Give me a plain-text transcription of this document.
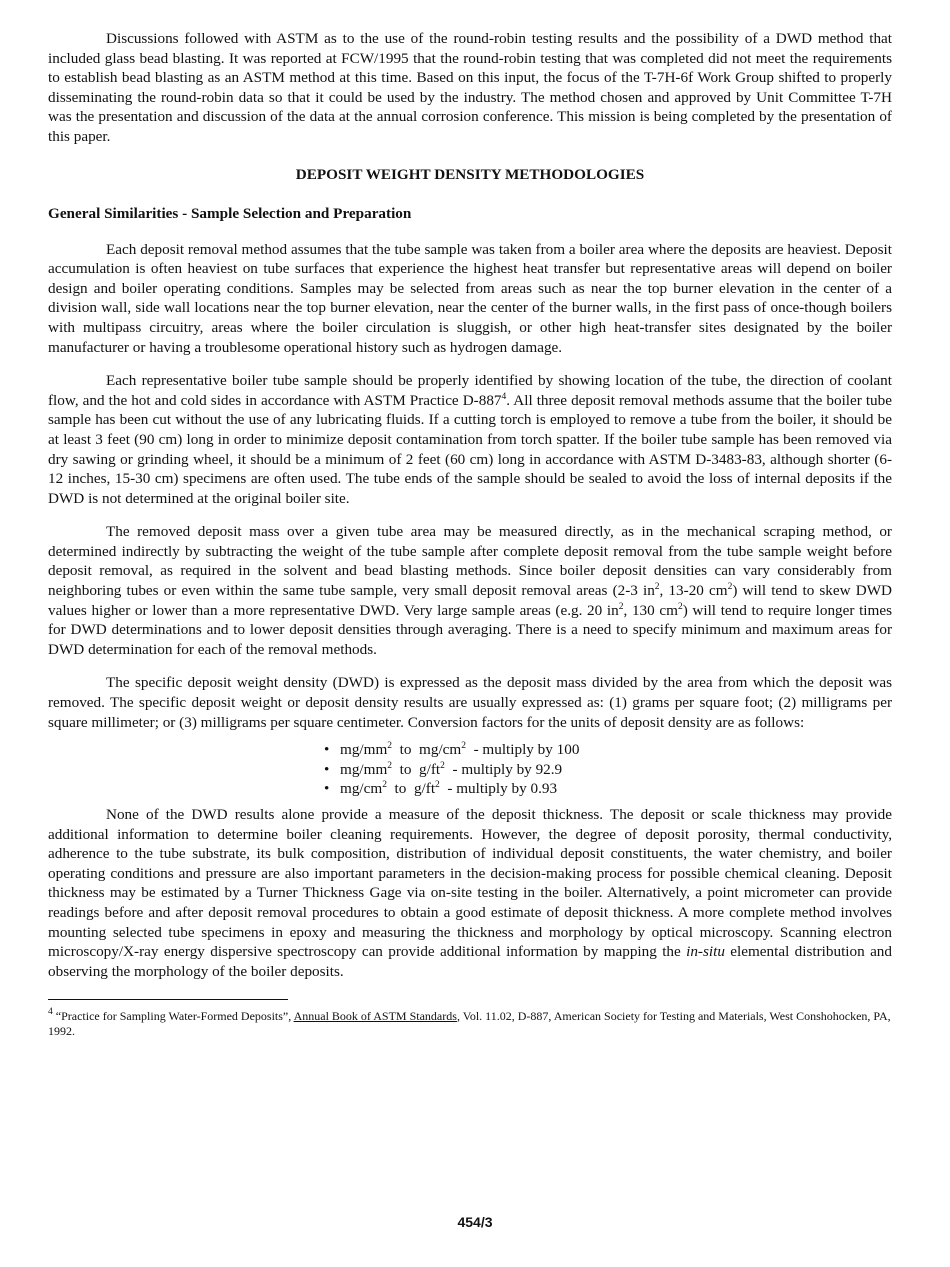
Discussions followed with ASTM as to the use of the round-robin testing results and the possibility of a DWD method that included glass bead blasting. It was reported at FCW/1995 that the round-robin testing that was completed did not meet the requirements to establish bead blasting as an ASTM method at this time. Based on this input, the focus of the T-7H-6f Work Group shifted to properly disseminating the round-robin data so that it could be used by the industry. The method chosen and approved by Unit Committee T-7H was the presentation and discussion of the data at the annual corrosion conference. This mission is being completed by the presentation of this paper.

DEPOSIT WEIGHT DENSITY METHODOLOGIES
General Similarities - Sample Selection and Preparation

Each deposit removal method assumes that the tube sample was taken from a boiler area where the deposits are heaviest. Deposit accumulation is often heaviest on tube surfaces that experience the highest heat transfer but representative areas will depend on boiler design and boiler operating conditions. Samples may be selected from areas such as near the top burner elevation in the center of a division wall, side wall locations near the top burner elevation, near the center of the burner walls, in the first pass of once-though boilers with multipass circuitry, areas where the boiler circulation is sluggish, or other high heat-transfer sites designated by the boiler manufacturer or having a troublesome operational history such as hydrogen damage.

Each representative boiler tube sample should be properly identified by showing location of the tube, the direction of coolant flow, and the hot and cold sides in accordance with ASTM Practice $D-887^4$. All three deposit removal methods assume that the boiler tube sample has been cut without the use of any lubricating fluids. If a cutting torch is employed to remove a tube from the boiler, it should be at least 3 feet (90 cm) long in order to minimize deposit contamination from torch spatter. If the boiler tube sample has been removed via dry sawing or grinding wheel, it should be a minimum of 2 feet (60 cm) long in accordance with ASTM D-3483-83, although shorter (6-12 inches, 15-30 cm) specimens are often used. The tube ends of the sample should be sealed to avoid the loss of internal deposits if the DWD is not determined at the original boiler site.

The removed deposit mass over a given tube area may be measured directly, as in the mechanical scraping method, or determined indirectly by subtracting the weight of the tube sample after complete deposit removal from the tube sample weight before deposit removal, as required in the solvent and bead blasting methods. Since boiler deposit densities can vary considerably from neighboring tubes or even within the same tube sample, very small deposit removal areas (2-3 $in^2$, 13-20 $cm^2$) will tend to skew DWD values higher or lower than a more representative DWD. Very large sample areas (e.g. 20 $in^2$, 130 $cm^2$) will tend to require longer times for DWD determinations and to lower deposit densities through averaging. There is a need to specify minimum and maximum areas for DWD determination for each of the removal methods.

The specific deposit weight density (DWD) is expressed as the deposit mass divided by the area from which the deposit was removed. The specific deposit weight or deposit density results are usually expressed as: (1) grams per square foot; (2) milligrams per square millimeter; or (3) milligrams per square centimeter. Conversion factors for the units of deposit density are as follows:

• $mg/mm^2$ to $mg/cm^2$ - multiply by 100
• $mg/mm^2$ to $g/ft^2$ - multiply by 92.9
• $mg/cm^2$ to $g/ft^2$ - multiply by 0.93

None of the DWD results alone provide a measure of the deposit thickness. The deposit or scale thickness may provide additional information to determine boiler cleaning requirements. However, the degree of deposit porosity, thermal conductivity, adherence to the tube substrate, its bulk composition, distribution of individual deposit constituents, the water chemistry, and boiler operating conditions and pressure are also important parameters in the decision-making process for possible chemical cleaning. Deposit thickness may be estimated by a Turner Thickness Gage via on-site testing in the boiler. Alternatively, a point micrometer can provide readings before and after deposit removal procedures to obtain a good estimate of deposit thickness. A more complete method involves mounting selected tube specimens in epoxy and measuring the thickness and morphology by optical microscopy. Scanning electron microscopy/X-ray energy dispersive spectroscopy can provide additional information by mapping the in-situ elemental distribution and observing the morphology of the boiler deposits.

$^4$ “Practice for Sampling Water-Formed Deposits”, Annual Book of ASTM Standards, Vol. 11.02, D-887, American Society for Testing and Materials, West Conshohocken, PA, 1992.

454/3
